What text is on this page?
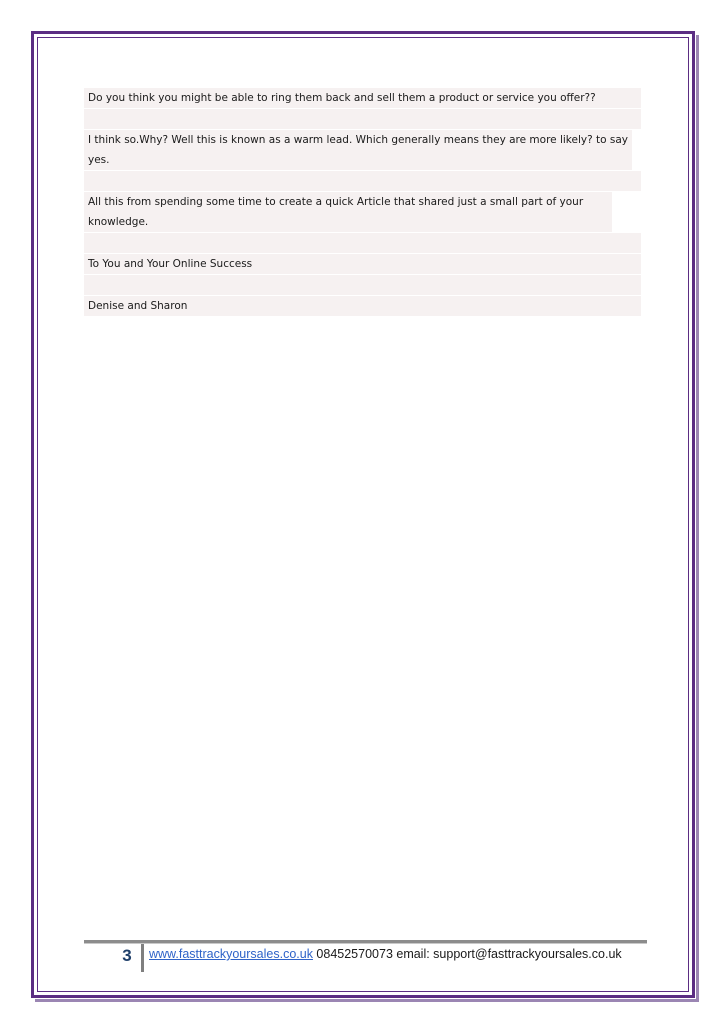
Do you think you might be able to ring them back and sell them a product or service you offer??
I think so.Why? Well this is known as a warm lead. Which generally means they are more likely? to say yes.
All this from spending some time to create a quick Article that shared just a small part of your knowledge.
To You and Your Online Success
Denise and Sharon
3	www.fasttrackyoursales.co.uk 08452570073 email: support@fasttrackyoursales.co.uk
